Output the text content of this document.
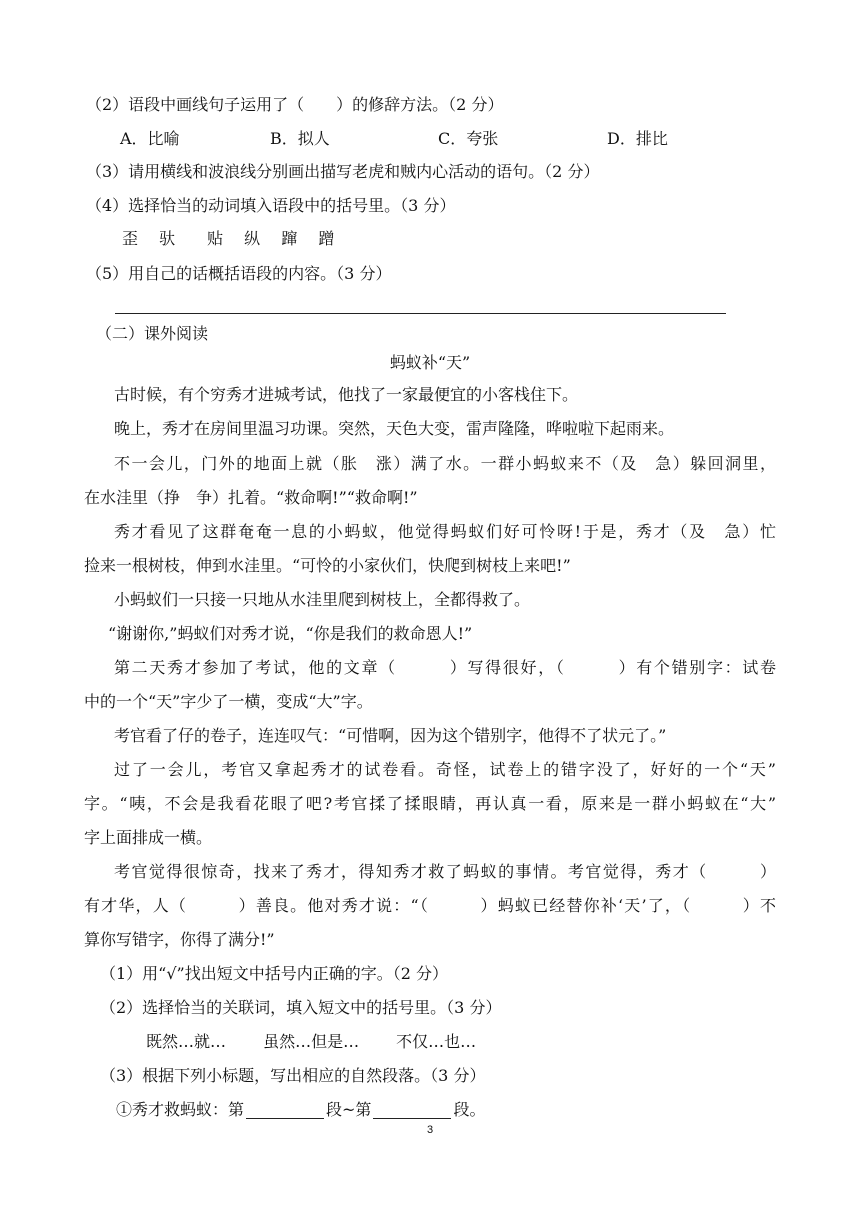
（2）语段中画线句子运用了（　　）的修辞方法。（2 分）
A．比喻	B．拟人	C．夸张	D．排比
（3）请用横线和波浪线分别画出描写老虎和贼内心活动的语句。（2 分）
（4）选择恰当的动词填入语段中的括号里。（3 分）
歪　 驮　　贴　 纵　 蹿　 蹭
（5）用自己的话概括语段的内容。（3 分）
（二）课外阅读
蚂蚁补“天”
古时候，有个穷秀才进城考试，他找了一家最便宜的小客栈住下。
晚上，秀才在房间里温习功课。突然，天色大变，雷声隆隆，哗啦啦下起雨来。
不一会儿，门外的地面上就（胀　涨）满了水。一群小蚂蚁来不（及　急）躲回洞里，
在水洼里（挣　争）扎着。“救命啊!”“救命啊!”
秀才看见了这群奄奄一息的小蚂蚁，他觉得蚂蚁们好可怜呀!于是，秀才（及　急）忙
捡来一根树枝，伸到水洼里。“可怜的小家伙们，快爬到树枝上来吧!”
小蚂蚁们一只接一只地从水洼里爬到树枝上，全都得救了。
“谢谢你,”蚂蚁们对秀才说，“你是我们的救命恩人!”
第二天秀才参加了考试，他的文章（　　　）写得很好，（　　　）有个错别字：试卷
中的一个“天”字少了一横，变成“大”字。
考官看了仔的卷子，连连叹气：“可惜啊，因为这个错别字，他得不了状元了。”
过了一会儿，考官又拿起秀才的试卷看。奇怪，试卷上的错字没了，好好的一个“天”
字。“咦，不会是我看花眼了吧?考官揉了揉眼睛，再认真一看，原来是一群小蚂蚁在“大”
字上面排成一横。
考官觉得很惊奇，找来了秀才，得知秀才救了蚂蚁的事情。考官觉得，秀才（　　　）
有才华，人（　　　）善良。他对秀才说：“（　　　）蚂蚁已经替你补‘天’了，（　　　）不
算你写错字，你得了满分!”
（1）用“√”找出短文中括号内正确的字。（2 分）
（2）选择恰当的关联词，填入短文中的括号里。（3 分）
既然…就…　　 虽然…但是…　　 不仅…也…
（3）根据下列小标题，写出相应的自然段落。（3 分）
①秀才救蚂蚁：第	段~第	段。
3
